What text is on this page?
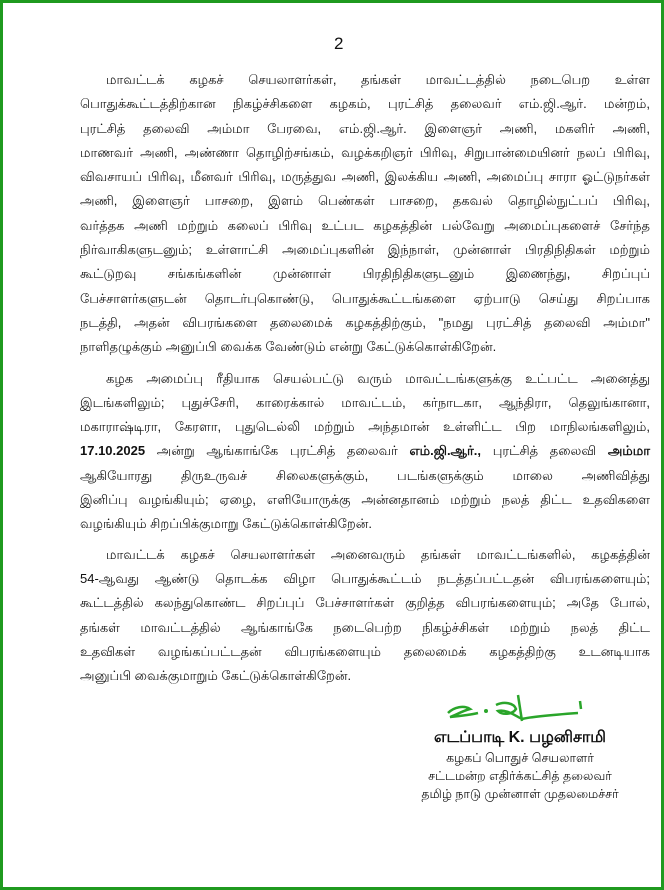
2
மாவட்டக் கழகச் செயலாளர்கள், தங்கள் மாவட்டத்தில் நடைபெற உள்ள
பொதுக்கூட்டத்திற்கான நிகழ்ச்சிகளை கழகம், புரட்சித் தலைவர் எம்.ஜி.ஆர். மன்றம்,
புரட்சித் தலைவி அம்மா பேரவை, எம்.ஜி.ஆர். இளைஞர் அணி, மகளிர் அணி,
மாணவர் அணி, அண்ணா தொழிற்சங்கம், வழக்கறிஞர் பிரிவு, சிறுபான்மையினர் நலப் பிரிவு,
விவசாயப் பிரிவு, மீனவர் பிரிவு, மருத்துவ அணி, இலக்கிய அணி, அமைப்பு சாரா ஓட்டுநர்கள்
அணி, இளைஞர் பாசறை, இளம் பெண்கள் பாசறை, தகவல் தொழில்நுட்பப் பிரிவு,
வர்த்தக அணி மற்றும் கலைப் பிரிவு உட்பட கழகத்தின் பல்வேறு அமைப்புகளைச் சேர்ந்த
நிர்வாகிகளுடனும்; உள்ளாட்சி அமைப்புகளின் இந்நாள், முன்னாள் பிரதிநிதிகள் மற்றும்
கூட்டுறவு சங்கங்களின் முன்னாள் பிரதிநிதிகளுடனும் இணைந்து, சிறப்புப்
பேச்சாளர்களுடன் தொடர்புகொண்டு, பொதுக்கூட்டங்களை ஏற்பாடு செய்து சிறப்பாக
நடத்தி, அதன் விபரங்களை தலைமைக் கழகத்திற்கும், "நமது புரட்சித் தலைவி அம்மா"
நாளிதழுக்கும் அனுப்பி வைக்க வேண்டும் என்று கேட்டுக்கொள்கிறேன்.
கழக அமைப்பு ரீதியாக செயல்பட்டு வரும் மாவட்டங்களுக்கு உட்பட்ட அனைத்து
இடங்களிலும்; புதுச்சேரி, காரைக்கால் மாவட்டம், கர்நாடகா, ஆந்திரா, தெலுங்கானா,
மகாராஷ்டிரா, கேரளா, புதுடெல்லி மற்றும் அந்தமான் உள்ளிட்ட பிற மாநிலங்களிலும்,
17.10.2025 அன்று ஆங்காங்கே புரட்சித் தலைவர் எம்.ஜி.ஆர்., புரட்சித் தலைவி அம்மா
ஆகியோரது திருஉருவச் சிலைகளுக்கும், படங்களுக்கும் மாலை அணிவித்து
இனிப்பு வழங்கியும்; ஏழை, எளியோருக்கு அன்னதானம் மற்றும் நலத் திட்ட உதவிகளை
வழங்கியும் சிறப்பிக்குமாறு கேட்டுக்கொள்கிறேன்.
மாவட்டக் கழகச் செயலாளர்கள் அனைவரும் தங்கள் மாவட்டங்களில், கழகத்தின்
54-ஆவது ஆண்டு தொடக்க விழா பொதுக்கூட்டம் நடத்தப்பட்டதன் விபரங்களையும்;
கூட்டத்தில் கலந்துகொண்ட சிறப்புப் பேச்சாளர்கள் குறித்த விபரங்களையும்; அதே போல்,
தங்கள் மாவட்டத்தில் ஆங்காங்கே நடைபெற்ற நிகழ்ச்சிகள் மற்றும் நலத் திட்ட
உதவிகள் வழங்கப்பட்டதன் விபரங்களையும் தலைமைக் கழகத்திற்கு உடனடியாக
அனுப்பி வைக்குமாறும் கேட்டுக்கொள்கிறேன்.
எடப்பாடி K. பழனிசாமி
கழகப் பொதுச் செயலாளர்
சட்டமன்ற எதிர்க்கட்சித் தலைவர்
தமிழ் நாடு முன்னாள் முதலமைச்சர்
